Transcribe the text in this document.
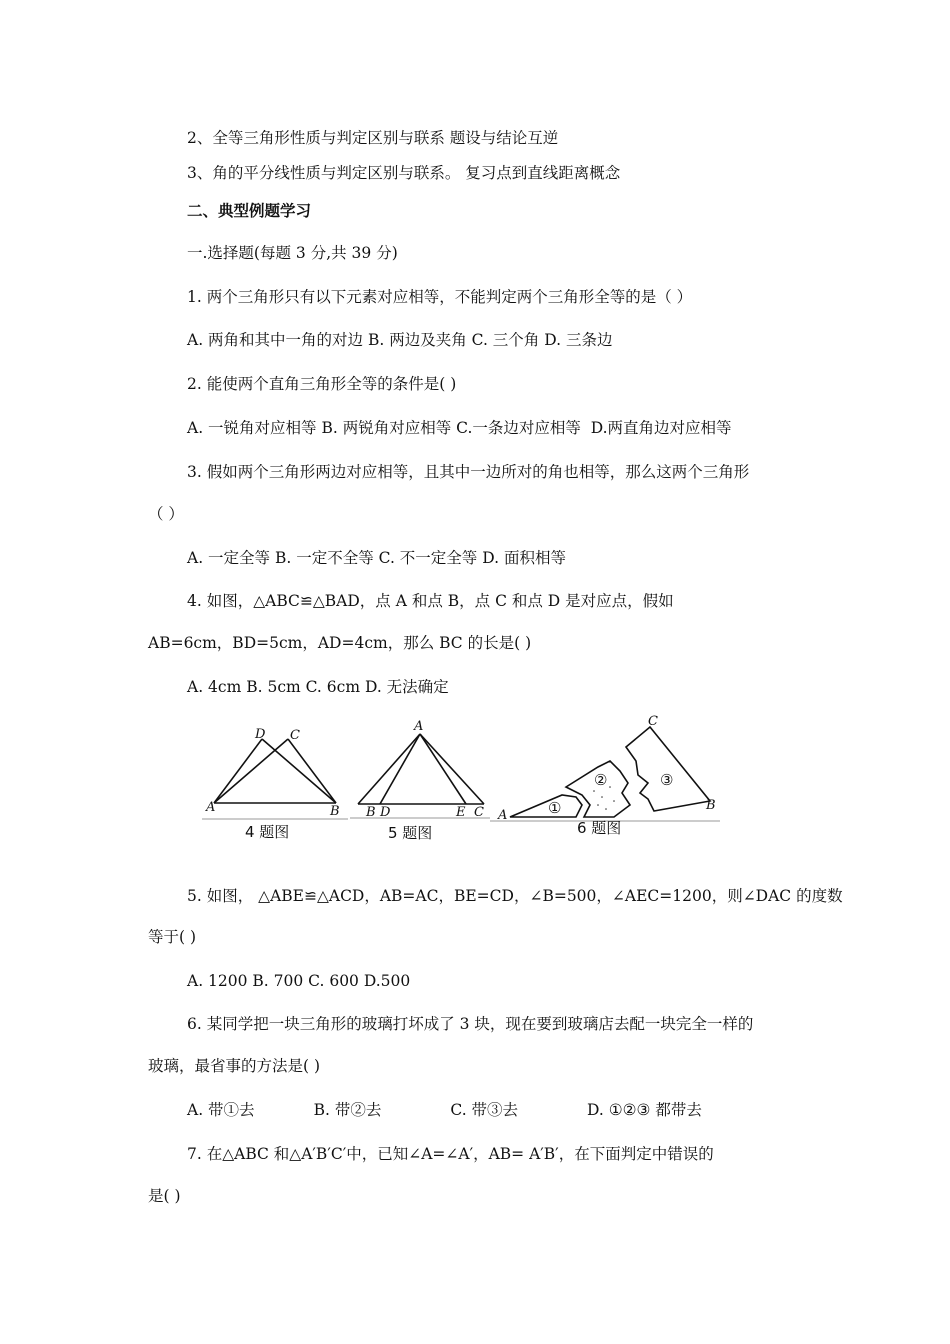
2、全等三角形性质与判定区别与联系 题设与结论互逆
3、角的平分线性质与判定区别与联系。 复习点到直线距离概念
二、典型例题学习
一.选择题(每题 3 分,共 39 分)
1. 两个三角形只有以下元素对应相等，不能判定两个三角形全等的是（ ）
A. 两角和其中一角的对边 B. 两边及夹角 C. 三个角 D. 三条边
2. 能使两个直角三角形全等的条件是( )
A. 一锐角对应相等 B. 两锐角对应相等 C.一条边对应相等  D.两直角边对应相等
3. 假如两个三角形两边对应相等，且其中一边所对的角也相等，那么这两个三角形
（ ）
A. 一定全等 B. 一定不全等 C. 不一定全等 D. 面积相等
4. 如图，△ABC≌△BAD，点 A 和点 B，点 C 和点 D 是对应点，假如
AB=6cm，BD=5cm，AD=4cm，那么 BC 的长是( )
A. 4cm B. 5cm C. 6cm D. 无法确定
5. 如图， △ABE≌△ACD，AB=AC，BE=CD，∠B=500，∠AEC=1200，则∠DAC 的度数
等于( )
A. 1200 B. 700 C. 600 D.500
6. 某同学把一块三角形的玻璃打坏成了 3 块，现在要到玻璃店去配一块完全一样的
玻璃，最省事的方法是( )
A. 带①去            B. 带②去              C. 带③去              D. ①②③ 都带去
7. 在△ABC 和△A′B′C′中，已知∠A=∠A′，AB= A′B′，在下面判定中错误的
是( )
A	B
C
D
4 题图
A
B D	E C
5 题图
A
B
C
①
②	③
6 题图
